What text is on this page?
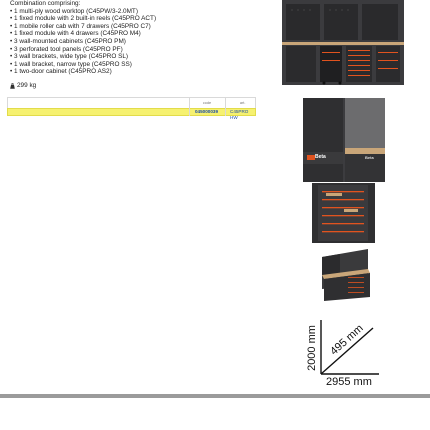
Combination comprising:
• 1 multi-ply wood worktop (C45PW/3-2.0MT)
• 1 fixed module with 2 built-in reels (C45PRO ACT)
• 1 mobile roller cab with 7 drawers (C45PRO C7)
• 1 fixed module with 4 drawers (C45PRO M4)
• 3 wall-mounted cabinets (C45PRO PM)
• 3 perforated tool panels (C45PRO PF)
• 3 wall brackets, wide type (C45PRO SL)
• 1 wall bracket, narrow type (C45PRO SS)
• 1 two-door cabinet (C45PRO AS2)
299 kg
code	art.
045000039	C45PRO HW
Beta	Beta
2000 mm 495 mm
2955 mm
